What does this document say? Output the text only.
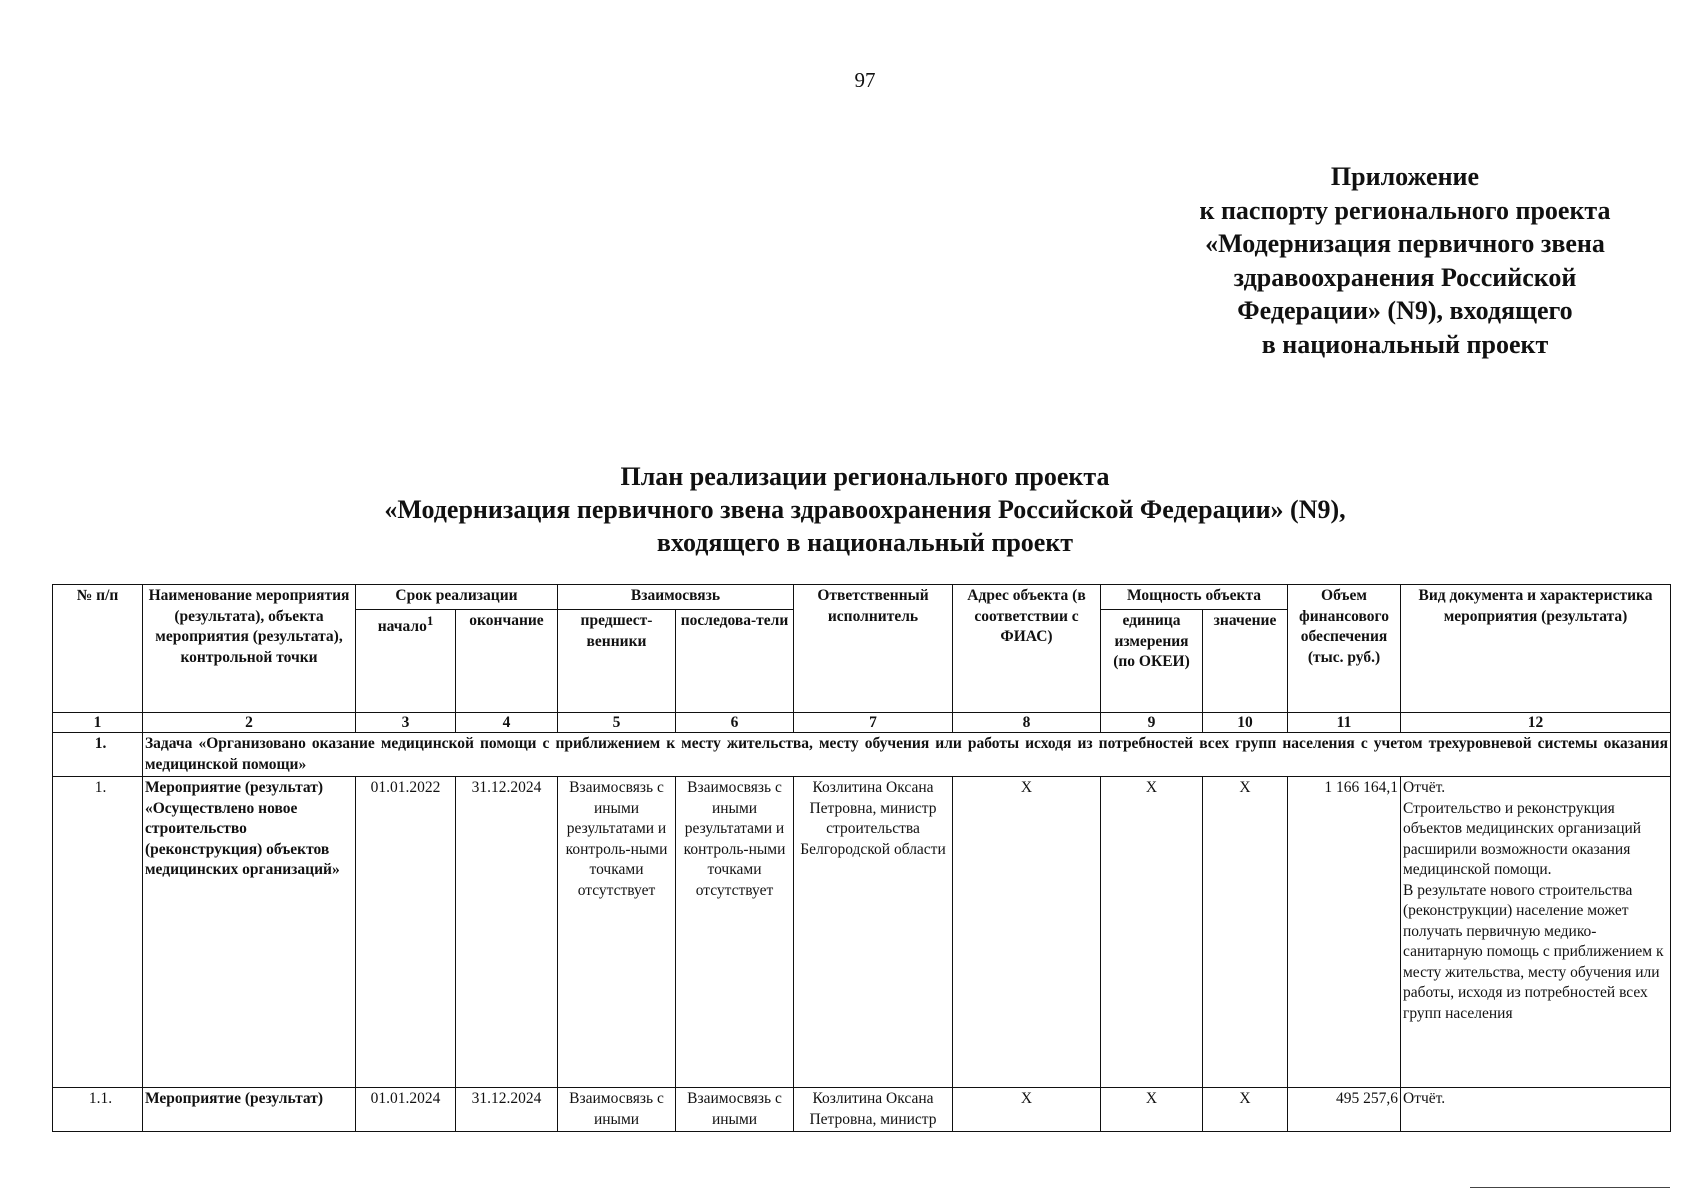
97
Приложение
к паспорту регионального проекта
«Модернизация первичного звена
здравоохранения Российской
Федерации» (N9), входящего
в национальный проект
План реализации регионального проекта
«Модернизация первичного звена здравоохранения Российской Федерации» (N9),
входящего в национальный проект
№ п/п	Наименование мероприятия (результата), объекта мероприятия (результата), контрольной точки	Срок реализации		Взаимосвязь		Ответственный исполнитель	Адрес объекта (в соответствии с ФИАС)	Мощность объекта		Объем финансового обеспечения (тыс. руб.)	Вид документа и характеристика мероприятия (результата)
		начало$^1$	окончание	предшест-венники	последова-тели			единица измерения (по ОКЕИ)	значение		
1	2	3	4	5	6	7	8	9	10	11	12
1.	Задача «Организовано оказание медицинской помощи с приближением к месту жительства, месту обучения или работы исходя из потребностей всех групп населения с учетом трехуровневой системы оказания медицинской помощи»										
1.	Мероприятие (результат) «Осуществлено новое строительство (реконструкция) объектов медицинских организаций»	01.01.2022	31.12.2024	Взаимосвязь с иными результатами и контроль-ными точками отсутствует	Взаимосвязь с иными результатами и контроль-ными точками отсутствует	Козлитина Оксана Петровна, министр строительства Белгородской области	X	X	X	1 166 164,1	Отчёт.
Строительство и реконструкция объектов медицинских организаций расширили возможности оказания медицинской помощи.
В результате нового строительства (реконструкции) население может получать первичную медико-санитарную помощь с приближением к месту жительства, месту обучения или работы, исходя из потребностей всех групп населения
1.1.	Мероприятие (результат)	01.01.2024	31.12.2024	Взаимосвязь с иными	Взаимосвязь с иными	Козлитина Оксана Петровна, министр	X	X	X	495 257,6	Отчёт.
